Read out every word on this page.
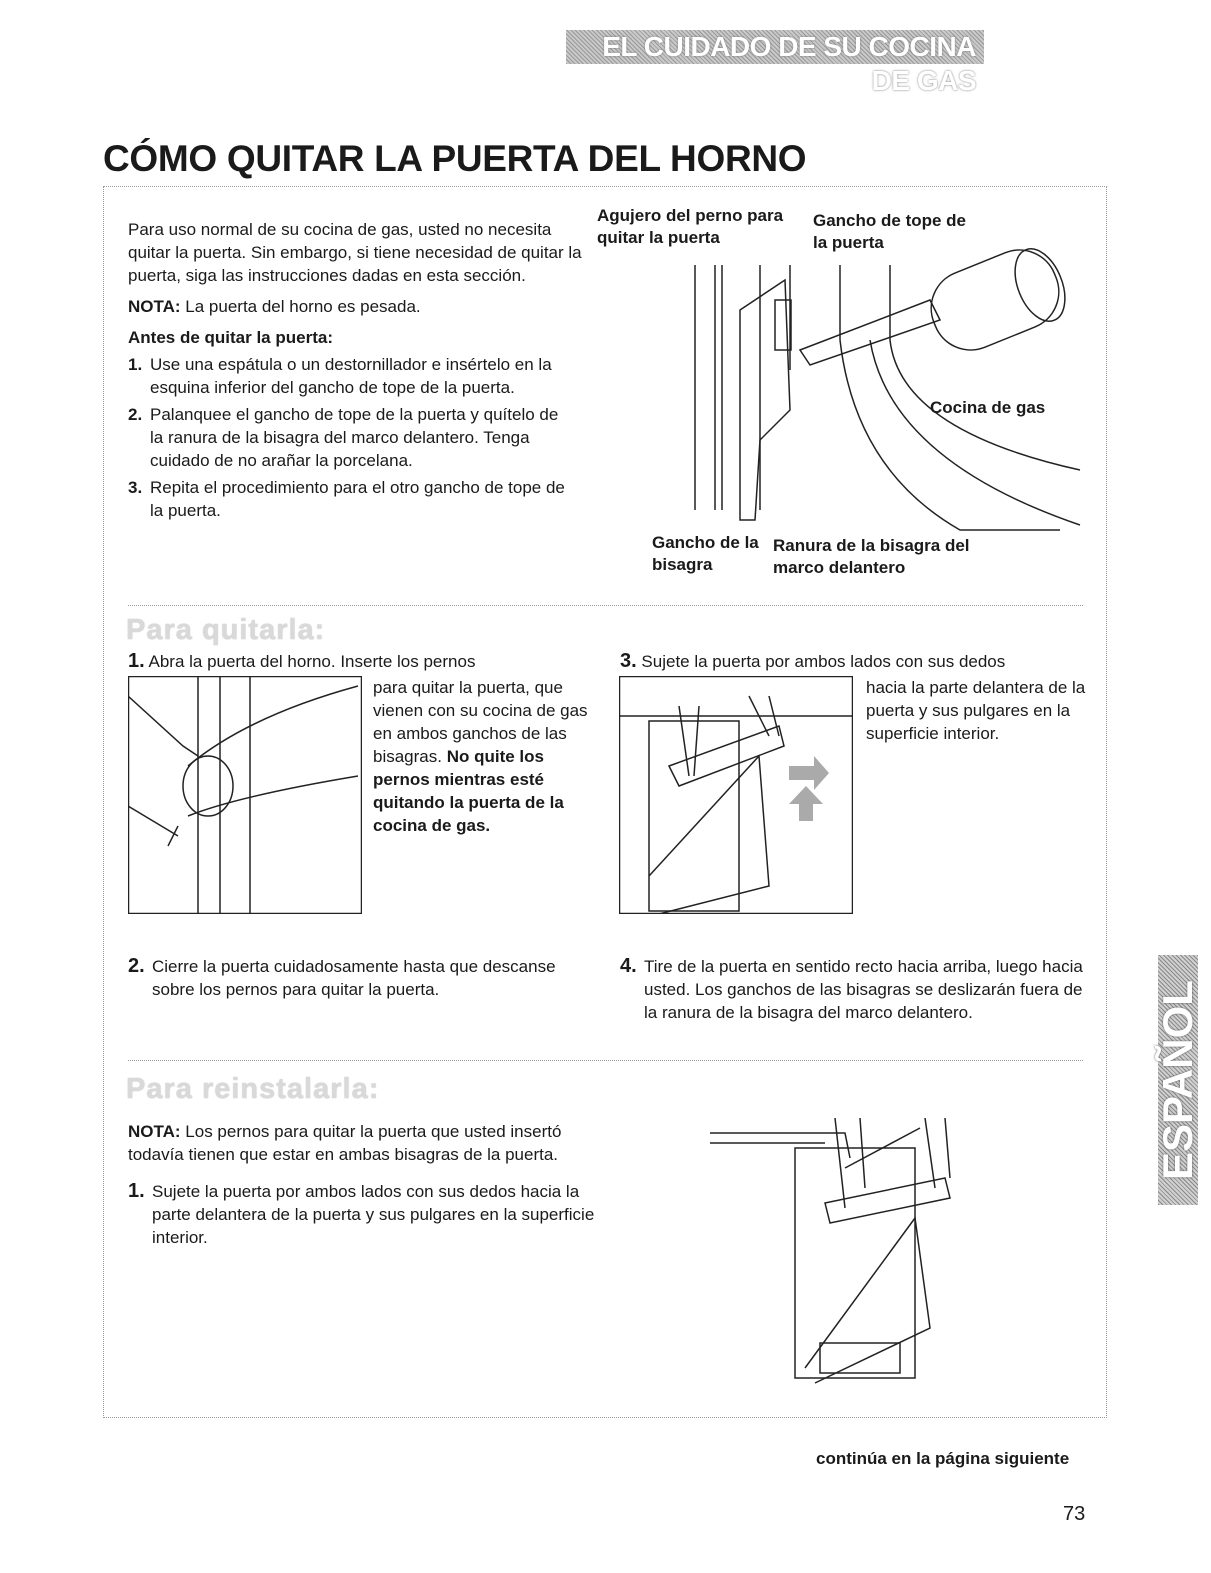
EL CUIDADO DE SU COCINA DE GAS
CÓMO QUITAR LA PUERTA DEL HORNO

Para uso normal de su cocina de gas, usted no necesita quitar la puerta. Sin embargo, si tiene necesidad de quitar la puerta, siga las instrucciones dadas en esta sección.

NOTA: La puerta del horno es pesada.

Antes de quitar la puerta:

1. Use una espátula o un destornillador e insértelo en la esquina inferior del gancho de tope de la puerta.
2. Palanquee el gancho de tope de la puerta y quítelo de la ranura de la bisagra del marco delantero. Tenga cuidado de no arañar la porcelana.
3. Repita el procedimiento para el otro gancho de tope de la puerta.
Agujero del perno para quitar la puerta
Gancho de tope de la puerta
Cocina de gas
Gancho de la bisagra
Ranura de la bisagra del marco delantero
Para quitarla:
1. Abra la puerta del horno. Inserte los pernos
para quitar la puerta, que vienen con su cocina de gas en ambos ganchos de las bisagras. No quite los pernos mientras esté quitando la puerta de la cocina de gas.
3. Sujete la puerta por ambos lados con sus dedos
hacia la parte delantera de la puerta y sus pulgares en la superficie interior.
2. Cierre la puerta cuidadosamente hasta que descanse sobre los pernos para quitar la puerta.
4. Tire de la puerta en sentido recto hacia arriba, luego hacia usted. Los ganchos de las bisagras se deslizarán fuera de la ranura de la bisagra del marco delantero.
Para reinstalarla:

NOTA: Los pernos para quitar la puerta que usted insertó todavía tienen que estar en ambas bisagras de la puerta.

1. Sujete la puerta por ambos lados con sus dedos hacia la parte delantera de la puerta y sus pulgares en la superficie interior.
continúa en la página siguiente
73
ESPAÑOL
